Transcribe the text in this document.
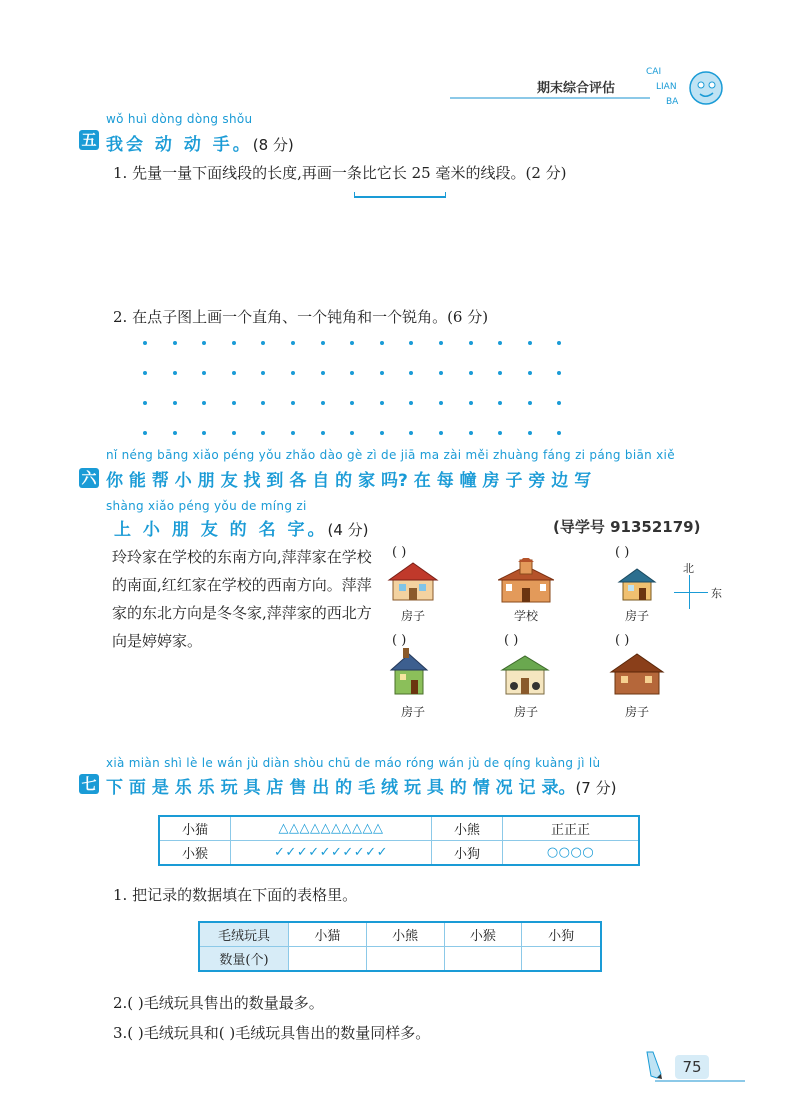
期末综合评估
CAI
LIAN
BA
wǒ huì dòng dòng shǒu
五 我会 动 动 手。(8 分)
1. 先量一量下面线段的长度,再画一条比它长 25 毫米的线段。(2 分)
2. 在点子图上画一个直角、一个钝角和一个锐角。(6 分)
nǐ néng bāng xiǎo péng yǒu zhǎo dào gè zì de jiā ma zài měi zhuàng fáng zi páng biān xiě
六 你 能 帮 小 朋 友 找 到 各 自 的 家 吗? 在 每 幢 房 子 旁 边 写
shàng xiǎo péng yǒu de míng zi
上 小 朋 友 的 名 字。(4 分)	(导学号 91352179)
玲玲家在学校的东南方向,萍萍家在学校的南面,红红家在学校的西南方向。萍萍家的东北方向是冬冬家,萍萍家的西北方向是婷婷家。
( )	( )
( )	( )	( )
房子	学校	房子
房子	房子	房子
北
东
xià miàn shì lè le wán jù diàn shòu chū de máo róng wán jù de qíng kuàng jì lù
七 下 面 是 乐 乐 玩 具 店 售 出 的 毛 绒 玩 具 的 情 况 记 录。(7 分)
小猫	△△△△△△△△△△	小熊	正正正
小猴	✓✓✓✓✓✓✓✓✓✓	小狗	○○○○
1. 把记录的数据填在下面的表格里。
毛绒玩具	小猫	小熊	小猴	小狗
数量(个)				
2.( )毛绒玩具售出的数量最多。
3.( )毛绒玩具和( )毛绒玩具售出的数量同样多。
75
